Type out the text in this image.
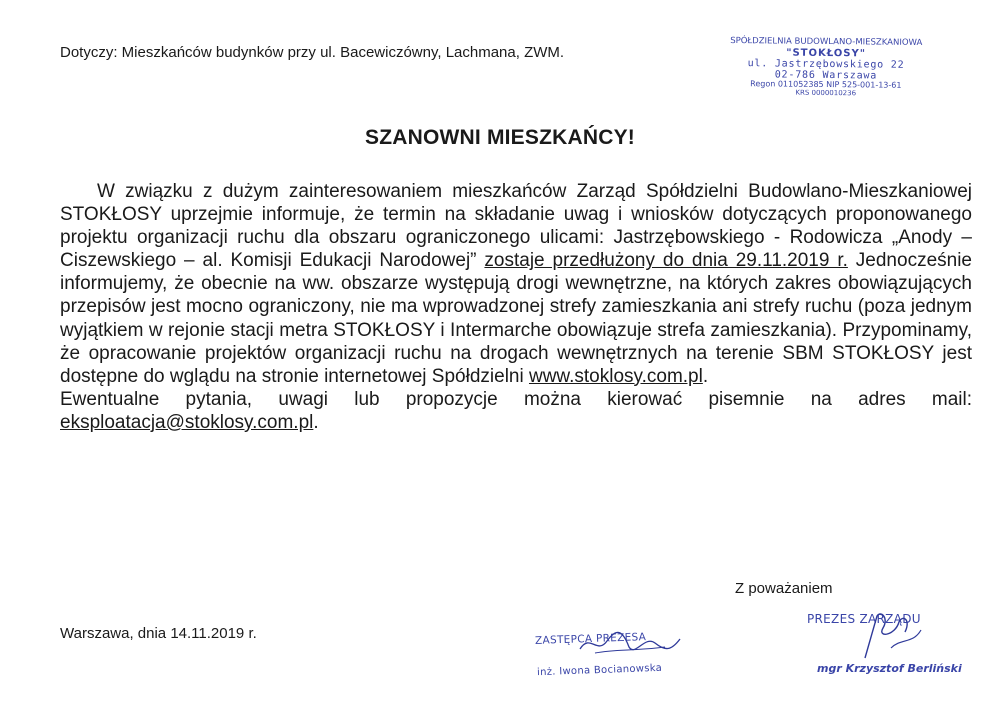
Dotyczy: Mieszkańców budynków przy ul. Bacewiczówny, Lachmana, ZWM.
SPÓŁDZIELNIA BUDOWLANO-MIESZKANIOWA
"STOKŁOSY"
ul. Jastrzębowskiego 22
02-786 Warszawa
Regon 011052385 NIP 525-001-13-61
KRS 0000010236
SZANOWNI MIESZKAŃCY!

W związku z dużym zainteresowaniem mieszkańców Zarząd Spółdzielni Budowlano-Mieszkaniowej STOKŁOSY uprzejmie informuje, że termin na składanie uwag i wniosków dotyczących proponowanego projektu organizacji ruchu dla obszaru ograniczonego ulicami: Jastrzębowskiego - Rodowicza „Anody – Ciszewskiego – al. Komisji Edukacji Narodowej” zostaje przedłużony do dnia 29.11.2019 r. Jednocześnie informujemy, że obecnie na ww. obszarze występują drogi wewnętrzne, na których zakres obowiązujących przepisów jest mocno ograniczony, nie ma wprowadzonej strefy zamieszkania ani strefy ruchu (poza jednym wyjątkiem w rejonie stacji metra STOKŁOSY i Intermarche obowiązuje strefa zamieszkania). Przypominamy, że opracowanie projektów organizacji ruchu na drogach wewnętrznych na terenie SBM STOKŁOSY jest dostępne do wglądu na stronie internetowej Spółdzielni www.stoklosy.com.pl.

Ewentualne pytania, uwagi lub propozycje można kierować pisemnie na adres mail: eksploatacja@stoklosy.com.pl.
Z poważaniem
Warszawa, dnia 14.11.2019 r.	ZASTĘPCA PREZESA
inż. Iwona Bocianowska
PREZES ZARZĄDU
mgr Krzysztof Berliński
